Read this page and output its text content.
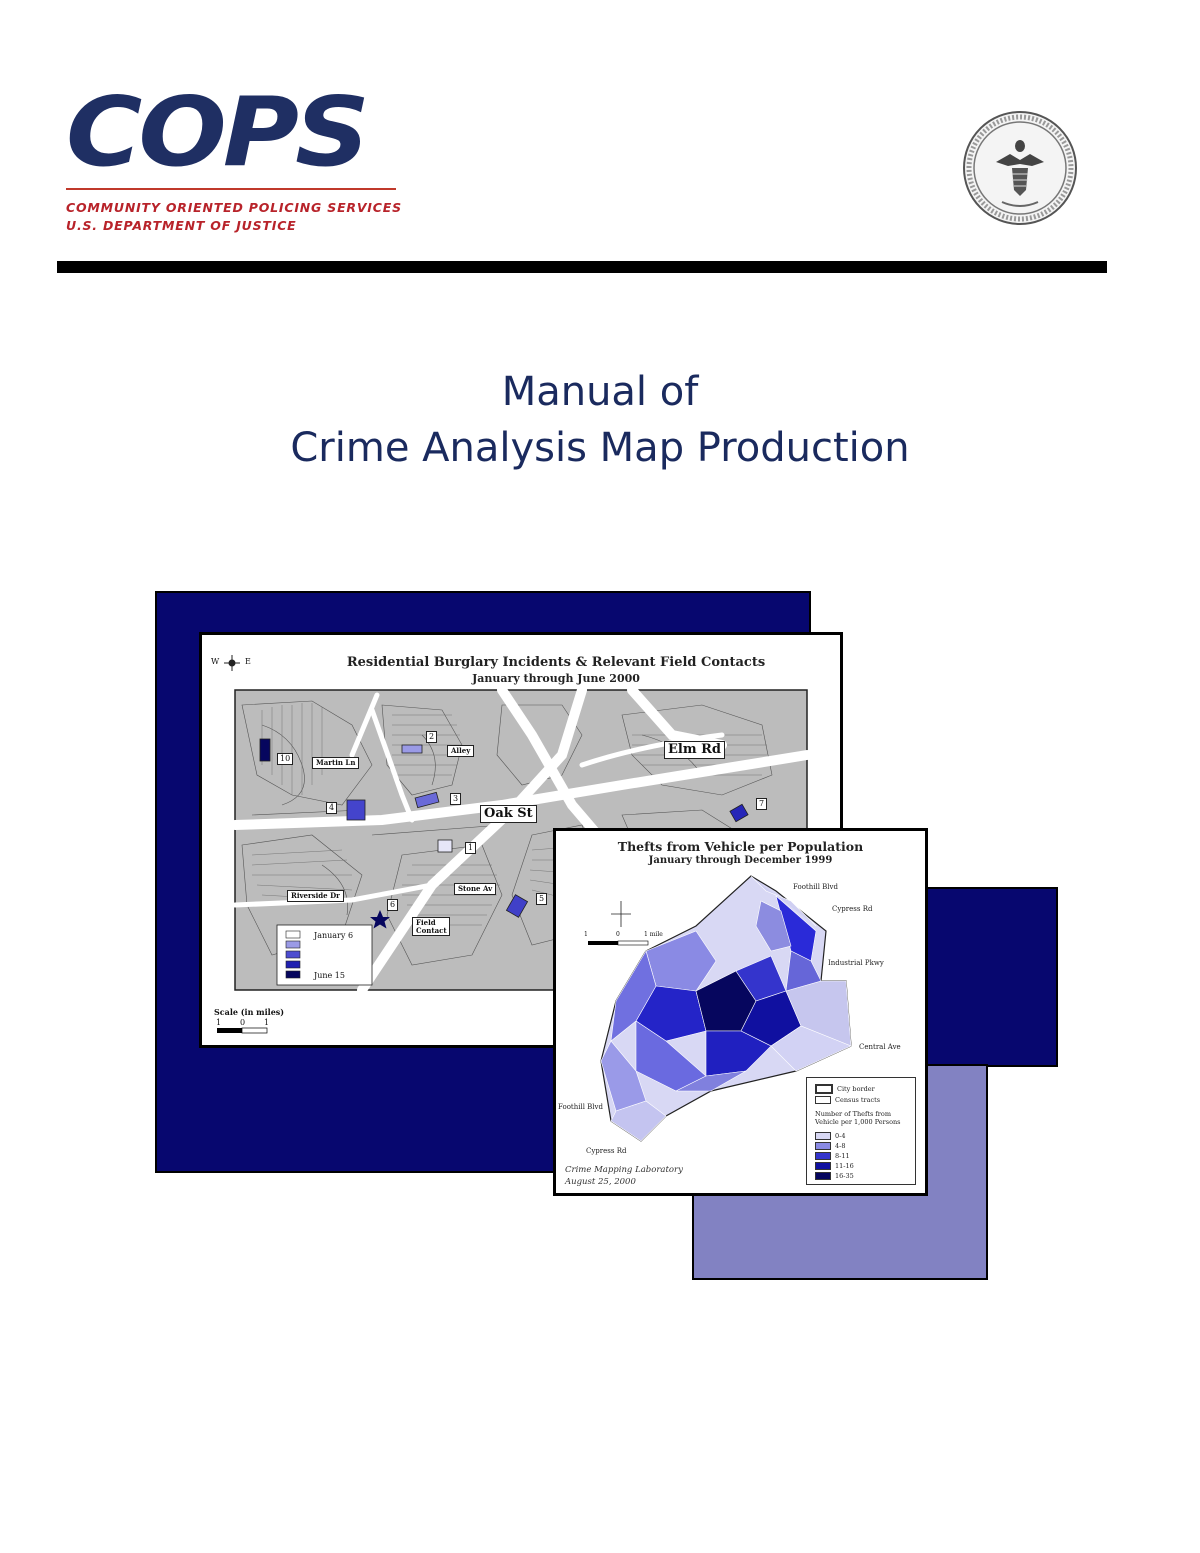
COPS
COMMUNITY ORIENTED POLICING SERVICES
U.S. DEPARTMENT OF JUSTICE
Manual of
Crime Analysis Map Production
W	E	Residential Burglary Incidents & Relevant Field Contacts
January through June 2000
Elm Rd
Oak St
Martin Ln
Alley
Riverside Dr
Stone Av
Field Contact
10
2
3
4
1
5
6
7
January 6
June 15
Scale (in miles)
1 0 1
Thefts from Vehicle per Population
January through December 1999
Foothill Blvd
Cypress Rd
Industrial Pkwy
Central Ave
Foothill Blvd
Cypress Rd
1	0	1 mile
City border
Census tracts
Number of Thefts from Vehicle per 1,000 Persons
0-4
4-8
8-11
11-16
16-35
Crime Mapping Laboratory
August 25, 2000
